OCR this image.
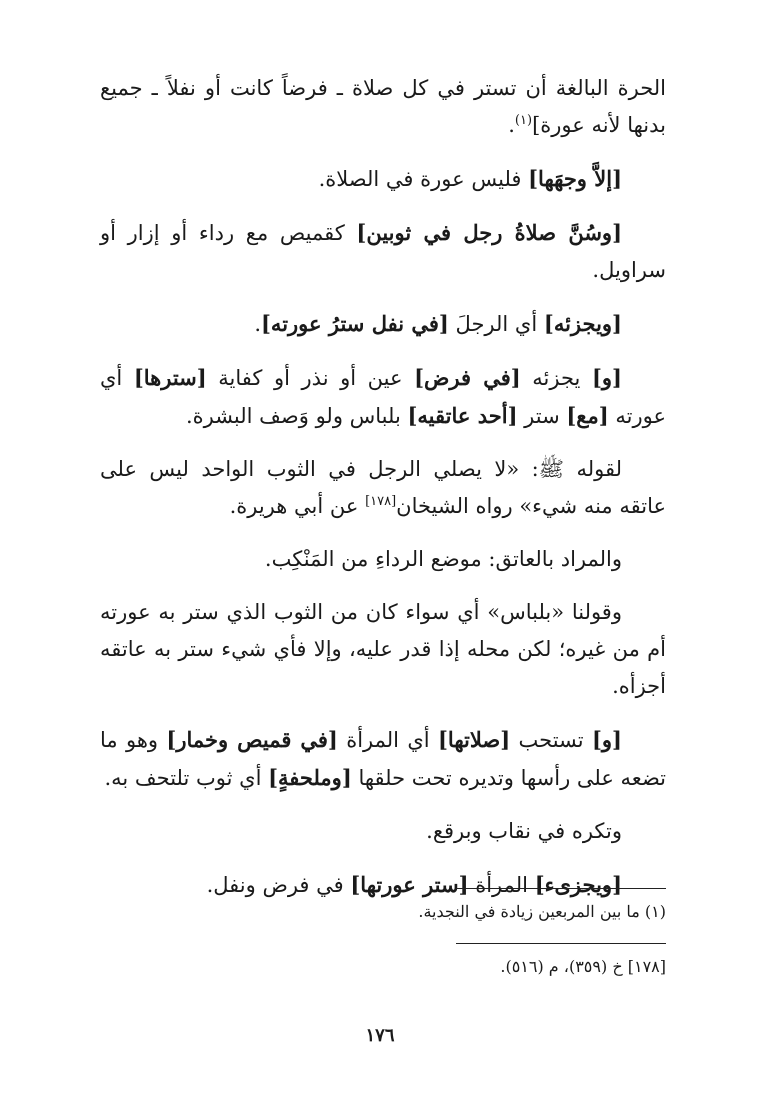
الحرة البالغة أن تستر في كل صلاة ـ فرضاً كانت أو نفلاً ـ جميع بدنها لأنه عورة]$^{(١)}$.

[إلاَّ وجهَها] فليس عورة في الصلاة.

[وسُنَّ صلاةُ رجل في ثوبين] كقميص مع رداء أو إزار أو سراويل.

[ويجزئه] أي الرجلَ [في نفل سترُ عورته].

[و] يجزئه [في فرض] عين أو نذر أو كفاية [سترها] أي عورته [مع] ستر [أحد عاتقيه] بلباس ولو وَصف البشرة.

لقوله ﷺ: «لا يصلي الرجل في الثوب الواحد ليس على عاتقه منه شيء» رواه الشيخان[١٧٨] عن أبي هريرة.

والمراد بالعاتق: موضع الرداءِ من المَنْكِب.

وقولنا «بلباس» أي سواء كان من الثوب الذي ستر به عورته أم من غيره؛ لكن محله إذا قدر عليه، وإلا فأي شيء ستر به عاتقه أجزأه.

[و] تستحب [صلاتها] أي المرأة [في قميص وخمار] وهو ما تضعه على رأسها وتديره تحت حلقها [وملحفةٍ] أي ثوب تلتحف به.

وتكره في نقاب وبرقع.

[ويجزىء] المرأة [ستر عورتها] في فرض ونفل.

(١) ما بين المربعين زيادة في النجدية.

[١٧٨] خ (٣٥٩)، م (٥١٦).

١٧٦
